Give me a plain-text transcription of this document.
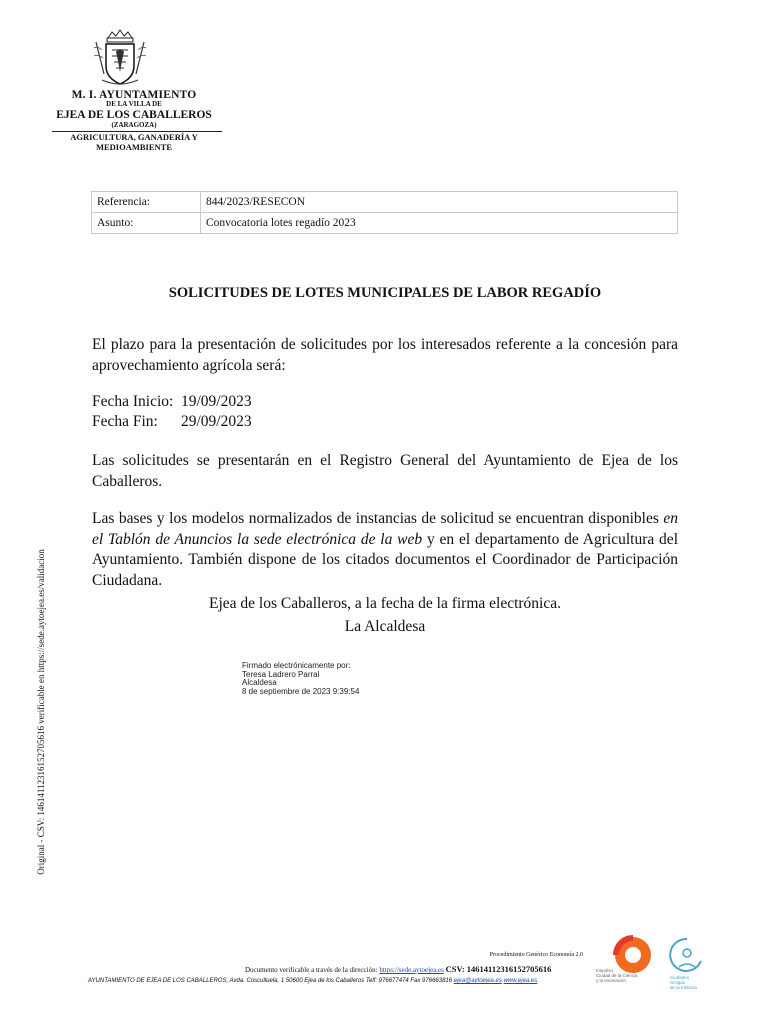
M. I. AYUNTAMIENTO
DE LA VILLA DE
EJEA DE LOS CABALLEROS
(ZARAGOZA)
AGRICULTURA, GANADERÍA Y
MEDIOAMBIENTE
Referencia:	844/2023/RESECON
Asunto:	Convocatoria lotes regadío 2023
SOLICITUDES DE LOTES MUNICIPALES DE LABOR REGADÍO
El plazo para la presentación de solicitudes por los interesados referente a la concesión para aprovechamiento agrícola será:
Fecha Inicio: 19/09/2023
Fecha Fin: 29/09/2023
Las solicitudes se presentarán en el Registro General del Ayuntamiento de Ejea de los Caballeros.
Las bases y los modelos normalizados de instancias de solicitud se encuentran disponibles en el Tablón de Anuncios la sede electrónica de la web y en el departamento de Agricultura del Ayuntamiento. También dispone de los citados documentos el Coordinador de Participación Ciudadana.
Ejea de los Caballeros, a la fecha de la firma electrónica.
La Alcaldesa
Firmado electrónicamente por:
Teresa Ladrero Parral
Alcaldesa
8 de septiembre de 2023 9:39:54
Original - CSV: 14614112316152705616 verificable en https://sede.aytoejea.es/validacion
Procedimiento Genérico Economía 2.0
Documento verificable a través de la dirección: https://sede.aytoejea.es CSV: 14614112316152705616
AYUNTAMIENTO DE EJEA DE LOS CABALLEROS, Avda. Cosculluela, 1 50600 Ejea de los Caballeros Telf: 976677474 Fax 976663816 ejea@aytoejea.es www.ejea.es
Innpulso
Ciudad de la Ciencia
y la Innovación
Ciudades
Amigas
de la Infancia
